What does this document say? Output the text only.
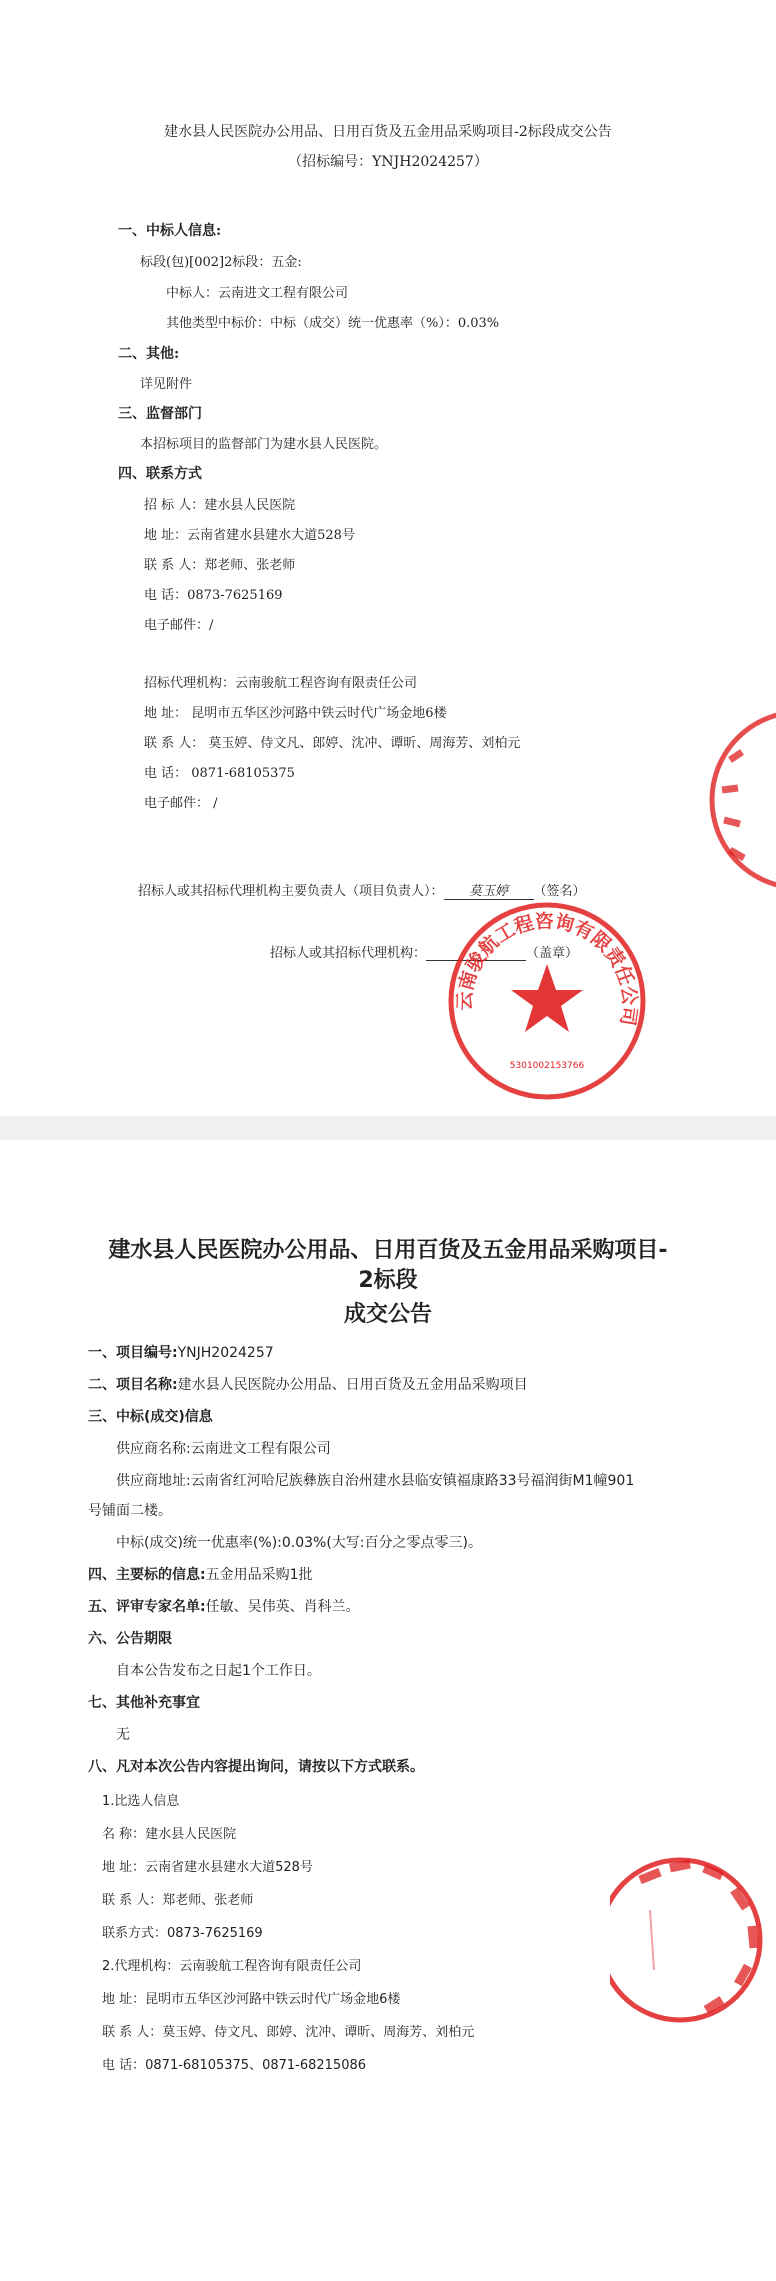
建水县人民医院办公用品、日用百货及五金用品采购项目-2标段成交公告
（招标编号：YNJH2024257）
一、中标人信息:
标段(包)[002]2标段：五金:
中标人：云南进文工程有限公司
其他类型中标价：中标（成交）统一优惠率（%）：0.03%
二、其他:
详见附件
三、监督部门
本招标项目的监督部门为建水县人民医院。
四、联系方式
招 标 人：建水县人民医院
地 址：云南省建水县建水大道528号
联 系 人：郑老师、张老师
电 话：0873-7625169
电子邮件：/
招标代理机构：云南骏航工程咨询有限责任公司
地 址： 昆明市五华区沙河路中铁云时代广场金地6楼
联 系 人： 莫玉婷、侍文凡、郎婷、沈冲、谭昕、周海芳、刘柏元
电 话： 0871-68105375
电子邮件： /
招标人或其招标代理机构主要负责人（项目负责人）： 莫玉婷 （签名）
招标人或其招标代理机构：	（盖章）
云南骏航工程咨询有限责任公司
5301002153766
建水县人民医院办公用品、日用百货及五金用品采购项目-
2标段
成交公告
一、项目编号:YNJH2024257
二、项目名称:建水县人民医院办公用品、日用百货及五金用品采购项目
三、中标(成交)信息
供应商名称:云南进文工程有限公司
供应商地址:云南省红河哈尼族彝族自治州建水县临安镇福康路33号福润街M1幢901
号铺面二楼。
中标(成交)统一优惠率(%):0.03%(大写:百分之零点零三)。
四、主要标的信息:五金用品采购1批
五、评审专家名单:任敏、吴伟英、肖科兰。
六、公告期限
自本公告发布之日起1个工作日。
七、其他补充事宜
无
八、凡对本次公告内容提出询问，请按以下方式联系。
1.比选人信息
名 称：建水县人民医院
地 址：云南省建水县建水大道528号
联 系 人：郑老师、张老师
联系方式：0873-7625169
2.代理机构：云南骏航工程咨询有限责任公司
地 址：昆明市五华区沙河路中铁云时代广场金地6楼
联 系 人：莫玉婷、侍文凡、郎婷、沈冲、谭昕、周海芳、刘柏元
电 话：0871-68105375、0871-68215086
